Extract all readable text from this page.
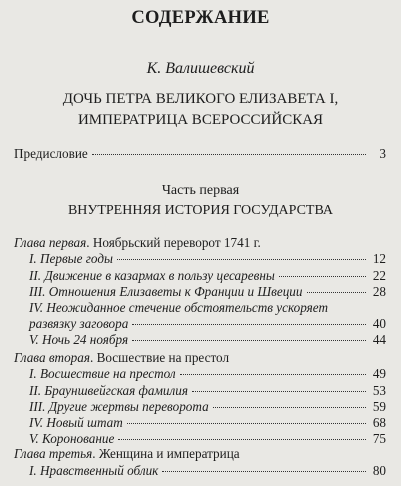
СОДЕРЖАНИЕ
К. Валишевский
ДОЧЬ ПЕТРА ВЕЛИКОГО ЕЛИЗАВЕТА I,
ИМПЕРАТРИЦА ВСЕРОССИЙСКАЯ
Предисловие	3
Часть первая
ВНУТРЕННЯЯ ИСТОРИЯ ГОСУДАРСТВА
Глава первая. Ноябрьский переворот 1741 г.
I. Первые годы	12
II. Движение в казармах в пользу цесаревны	22
III. Отношения Елизаветы к Франции и Швеции	28
IV. Неожиданное стечение обстоятельств ускоряет
развязку заговора	40
V. Ночь 24 ноября	44
Глава вторая. Восшествие на престол
I. Восшествие на престол	49
II. Брауншвейгская фамилия	53
III. Другие жертвы переворота	59
IV. Новый штат	68
V. Коронование	75
Глава третья. Женщина и императрица
I. Нравственный облик	80
